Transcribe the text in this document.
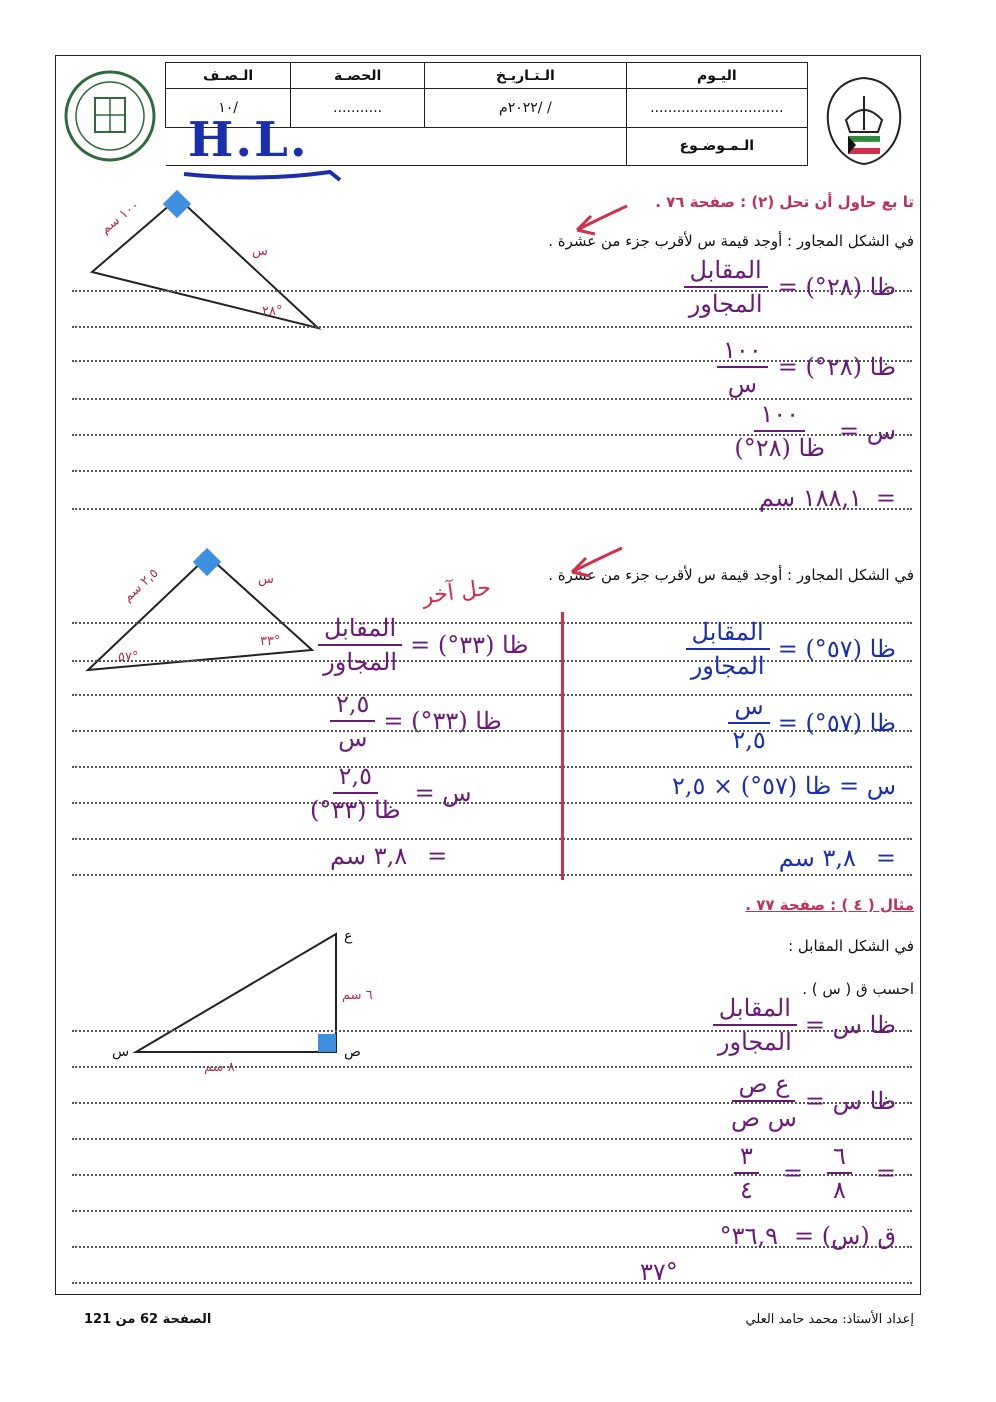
الـصـف	الحصـة	الـتـاريـخ	اليـوم
١٠/	...........	/ /٢٠٢٢م	..............................
			الـمـوضـوع
H.L.
تا بع حاول أن تحل (٢) : صفحة ٧٦ .
في الشكل المجاور : أوجد قيمة س لأقرب جزء من عشرة .
١٠٠ سم
س
٢٨°
ظا (٢٨°) =
$\frac{\text{المقابل}}{\text{المجاور}}$
ظا (٢٨°) =
$\frac{١٠٠}{\text{س}}$
س =
$\frac{١٠٠}{\text{ظا (٢٨°)}}$
=
١٨٨,١ سم
في الشكل المجاور : أوجد قيمة س لأقرب جزء من عشرة .
حل آخر
٢,٥ سم	س
٥٧°
٣٣°	ظا (٣٣°) =
$\frac{\text{المقابل}}{\text{المجاور}}$
ظا (٣٣°) =
$\frac{٢,٥}{\text{س}}$
س =
$\frac{٢,٥}{\text{ظا (٣٣°)}}$
=
٣,٨ سم
ظا (٥٧°) =
$\frac{\text{المقابل}}{\text{المجاور}}$
ظا (٥٧°) =
$\frac{\text{س}}{٢,٥}$
س = ظا (٥٧°) × ٢,٥
=
٣,٨ سم
مثال ( ٤ ) : صفحة ٧٧ .
في الشكل المقابل :
احسب ق ( س ) .
ع
ص
س
٦ سم
٨ سم
ظا س =
$\frac{\text{المقابل}}{\text{المجاور}}$
ظا س =
$\frac{\text{ع ص}}{\text{س ص}}$
=
$\frac{٦}{٨}$
=
$\frac{٣}{٤}$
ق (س) =
٣٦,٩°
٣٧°
الصفحة 62 من 121	إعداد الأستاذ: محمد حامد العلي
